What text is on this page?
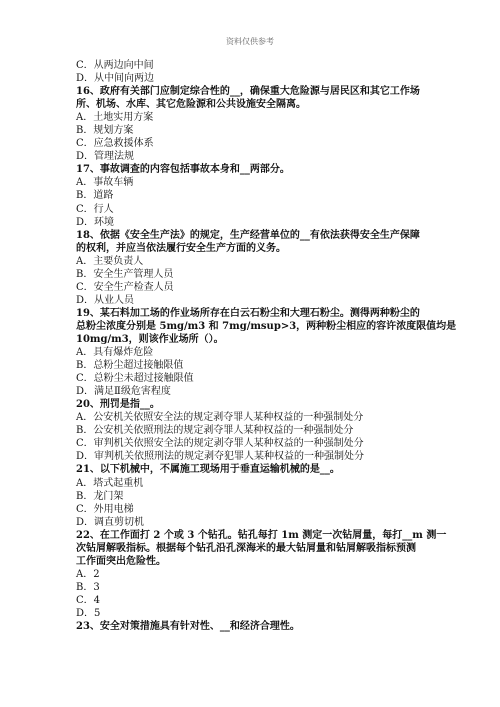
资料仅供参考
C．从两边向中间
D．从中间向两边
16、政府有关部门应制定综合性的__，确保重大危险源与居民区和其它工作场
所、机场、水库、其它危险源和公共设施安全隔离。
A．土地实用方案
B．规划方案
C．应急救援体系
D．管理法规
17、事故调查的内容包括事故本身和__两部分。
A．事故车辆
B．道路
C．行人
D．环境
18、依据《安全生产法》的规定，生产经营单位的__有依法获得安全生产保障
的权利，并应当依法履行安全生产方面的义务。
A．主要负责人
B．安全生产管理人员
C．安全生产检查人员
D．从业人员
19、某石料加工场的作业场所存在白云石粉尘和大理石粉尘。测得两种粉尘的
总粉尘浓度分别是 5mg/m3 和 7mg/msup>3，两种粉尘相应的容许浓度限值均是
10mg/m3，则该作业场所（）。
A．具有爆炸危险
B．总粉尘超过接触限值
C．总粉尘未超过接触限值
D．满足Ⅱ级危害程度
20、刑罚是指__。
A．公安机关依照安全法的规定剥夺罪人某种权益的一种强制处分
B．公安机关依照刑法的规定剥夺罪人某种权益的一种强制处分
C．审判机关依照安全法的规定剥夺罪人某种权益的一种强制处分
D．审判机关依照刑法的规定剥夺犯罪人某种权益的一种强制处分
21、以下机械中，不属施工现场用于垂直运输机械的是__。
A．塔式起重机
B．龙门架
C．外用电梯
D．调直剪切机
22、在工作面打 2 个或 3 个钻孔。钻孔每打 1m 测定一次钻屑量，每打__m 测一
次钻屑解吸指标。根据每个钻孔沿孔深海米的最大钻屑量和钻屑解吸指标预测
工作面突出危险性。
A．2
B．3
C．4
D．5
23、安全对策措施具有针对性、__和经济合理性。
